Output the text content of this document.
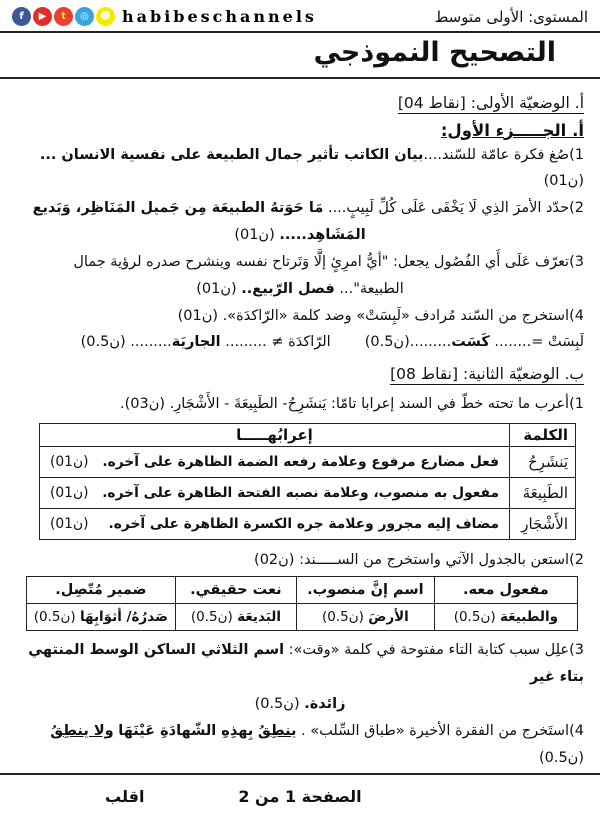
المستوى: الأولى متوسط
f	▶	t	◎	☻ habibeschannels
التصحيح النموذجي
أ. الوضعيّة الأولى: [04 نقاط]
أ. الجـــــزء الأول:
1)صُغ فكرة عامّة للسّند....بيان الكاتب تأثير جمال الطبيعة على نفسية الانسان ... (01ن)
2)حدّد الأمرَ الذِي لَا يَخْفَى عَلَى كُلِّ لَبِيبٍ.... مَا حَوَتهُ الطبيعَة مِن جَميل المَنَاظِر، وَبَديع
المَشَاهِد..... (01ن)
3)تعرّف عَلَى أَي الفُصُول يجعل: "أيُّ امرِئٍ إلَّا وَتَرتاح نفسه وينشرح صدره لرؤية جمال
الطبيعة"... فصل الرّبيع.. (01ن)
4)استخرج من السّند مُرادف «لَبِسَتْ» وضد كلمة «الرّاكدَة». (01ن)
لَبِسَتْ =........ كَسَت.........(0.5ن)الرّاكدَة ≠ ......... الجاريَة......... (0.5ن)
ب. الوضعيّة الثانية: [08 نقاط]
1)أعرب ما تحته خطّ في السند إعرابا تامّا: يَنشَرِحُ- الطَبِيعَةَ - الأَشْجَارِ. (03ن).
الكلمة	إعرابُهـــــا
يَنشَرِحُ	فعل مضارع مرفوع وعلامة رفعه الضمة الظاهرة على آخره.
(01ن)

الطَبِيعَةَ	مفعول به منصوب، وعلامة نصبه الفتحة الظاهرة على آخره.
(01ن)

الأَشْجَارِ	مضاف إليه مجرور وعلامة جره الكسرة الظاهرة على آخره.
(01ن)
2)استعن بالجدول الآتي واستخرج من الســـــند: (02ن)
مفعول معه.	اسم إنَّ منصوب.	نعت حقيقي.	ضمير مُتّصِل.
والطبيعَة (0.5ن)	الأرضَ (0.5ن)	البَديعَة (0.5ن)	صَدرُهُ/ أثوَابِهَا (0.5ن)
3)علِل سبب كتابة التاء مفتوحة في كلمة «وقت»: اسم الثلاثي الساكن الوسط المنتهي بتاء غير
زائدة. (0.5ن)
4)استَخرج من الفقرة الأخيرة «طباق السِّلب» . ينطِقُ بِهذِهِ الشّهادَةِ عَيْنَهَا ولا ينطِقُ (0.5ن)
الصفحة 1 من 2
اقلب
